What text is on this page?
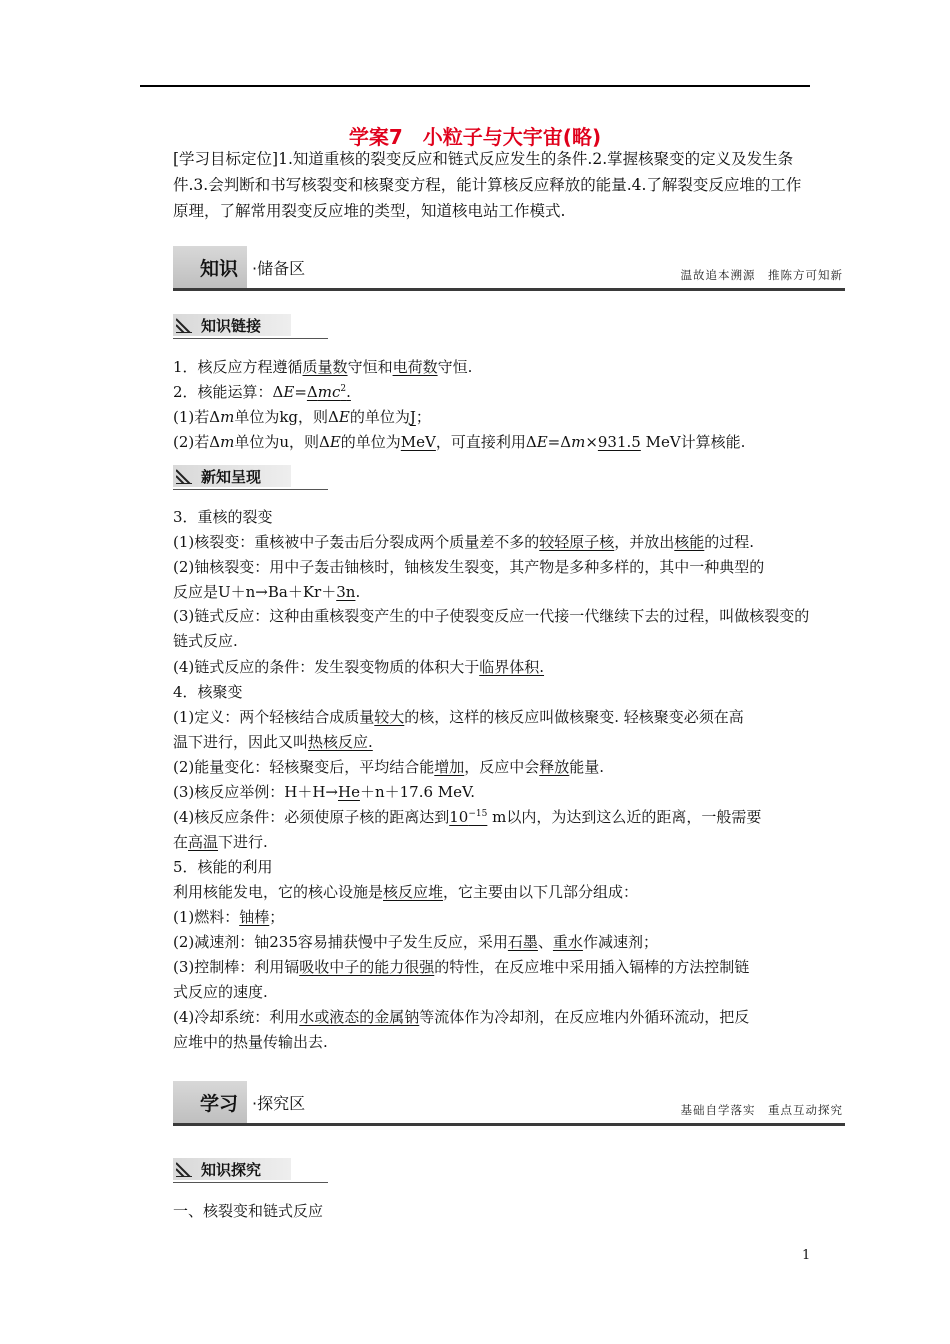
学案7　小粒子与大宇宙(略)
[学习目标定位]1.知道重核的裂变反应和链式反应发生的条件.2.掌握核聚变的定义及发生条件.3.会判断和书写核裂变和核聚变方程，能计算核反应释放的能量.4.了解裂变反应堆的工作原理，了解常用裂变反应堆的类型，知道核电站工作模式.
知识 ·储备区	温故追本溯源　推陈方可知新
知识链接
1．核反应方程遵循质量数守恒和电荷数守恒.
2．核能运算：ΔE=Δmc$^2$.
(1)若Δm单位为kg，则ΔE的单位为J；
(2)若Δm单位为u，则ΔE的单位为MeV，可直接利用ΔE=Δm×931.5 MeV计算核能.
新知呈现
3．重核的裂变
(1)核裂变：重核被中子轰击后分裂成两个质量差不多的较轻原子核，并放出核能的过程.
(2)铀核裂变：用中子轰击铀核时，铀核发生裂变，其产物是多种多样的，其中一种典型的
反应是U＋n→Ba＋Kr＋3n.
(3)链式反应：这种由重核裂变产生的中子使裂变反应一代接一代继续下去的过程，叫做核裂变的链式反应.
(4)链式反应的条件：发生裂变物质的体积大于临界体积.
4．核聚变
(1)定义：两个轻核结合成质量较大的核，这样的核反应叫做核聚变. 轻核聚变必须在高
温下进行，因此又叫热核反应.
(2)能量变化：轻核聚变后，平均结合能增加，反应中会释放能量.
(3)核反应举例：H＋H→He＋n＋17.6 MeV.
(4)核反应条件：必须使原子核的距离达到$10^{-15}$ m以内，为达到这么近的距离，一般需要
在高温下进行.
5．核能的利用
利用核能发电，它的核心设施是核反应堆，它主要由以下几部分组成：
(1)燃料：铀棒；
(2)减速剂：铀235容易捕获慢中子发生反应，采用石墨、重水作减速剂；
(3)控制棒：利用镉吸收中子的能力很强的特性，在反应堆中采用插入镉棒的方法控制链
式反应的速度.
(4)冷却系统：利用水或液态的金属钠等流体作为冷却剂，在反应堆内外循环流动，把反
应堆中的热量传输出去.
学习 ·探究区	基础自学落实　重点互动探究
知识探究
一、核裂变和链式反应
1
